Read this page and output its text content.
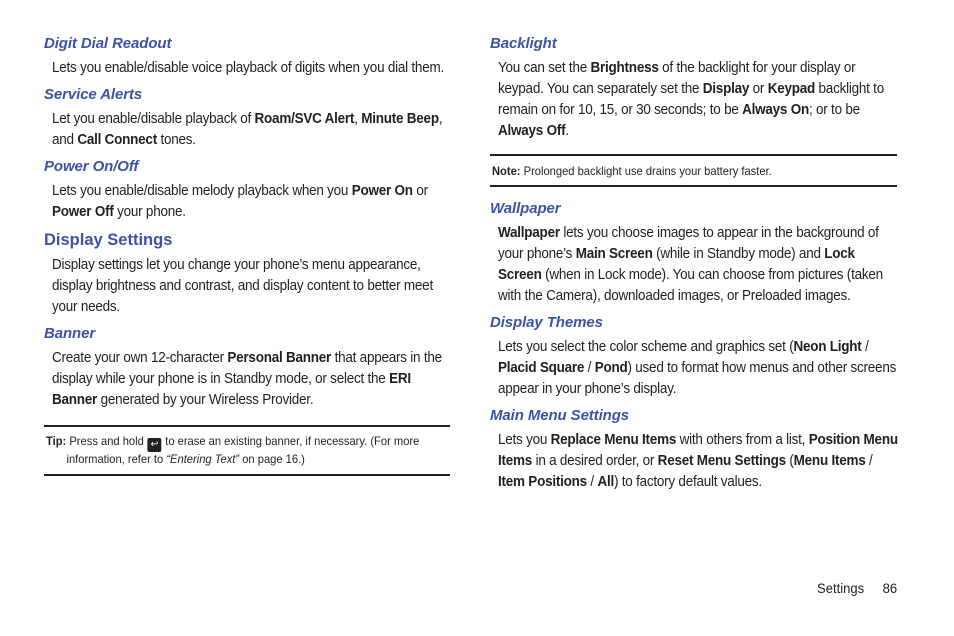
Digit Dial Readout
Lets you enable/disable voice playback of digits when you dial them.
Service Alerts
Let you enable/disable playback of Roam/SVC Alert, Minute Beep, and Call Connect tones.
Power On/Off
Lets you enable/disable melody playback when you Power On or Power Off your phone.
Display Settings
Display settings let you change your phone’s menu appearance, display brightness and contrast, and display content to better meet your needs.
Banner
Create your own 12-character Personal Banner that appears in the display while your phone is in Standby mode, or select the ERI Banner generated by your Wireless Provider.
Tip: Press and hold ↩ to erase an existing banner, if necessary. (For more
information, refer to “Entering Text” on page 16.)
Backlight
You can set the Brightness of the backlight for your display or keypad. You can separately set the Display or Keypad backlight to remain on for 10, 15, or 30 seconds; to be Always On; or to be Always Off.
Note: Prolonged backlight use drains your battery faster.
Wallpaper
Wallpaper lets you choose images to appear in the background of your phone’s Main Screen (while in Standby mode) and Lock Screen (when in Lock mode). You can choose from pictures (taken with the Camera), downloaded images, or Preloaded images.
Display Themes
Lets you select the color scheme and graphics set (Neon Light / Placid Square / Pond) used to format how menus and other screens appear in your phone’s display.
Main Menu Settings
Lets you Replace Menu Items with others from a list, Position Menu Items in a desired order, or Reset Menu Settings (Menu Items / Item Positions / All) to factory default values.
Settings 86
